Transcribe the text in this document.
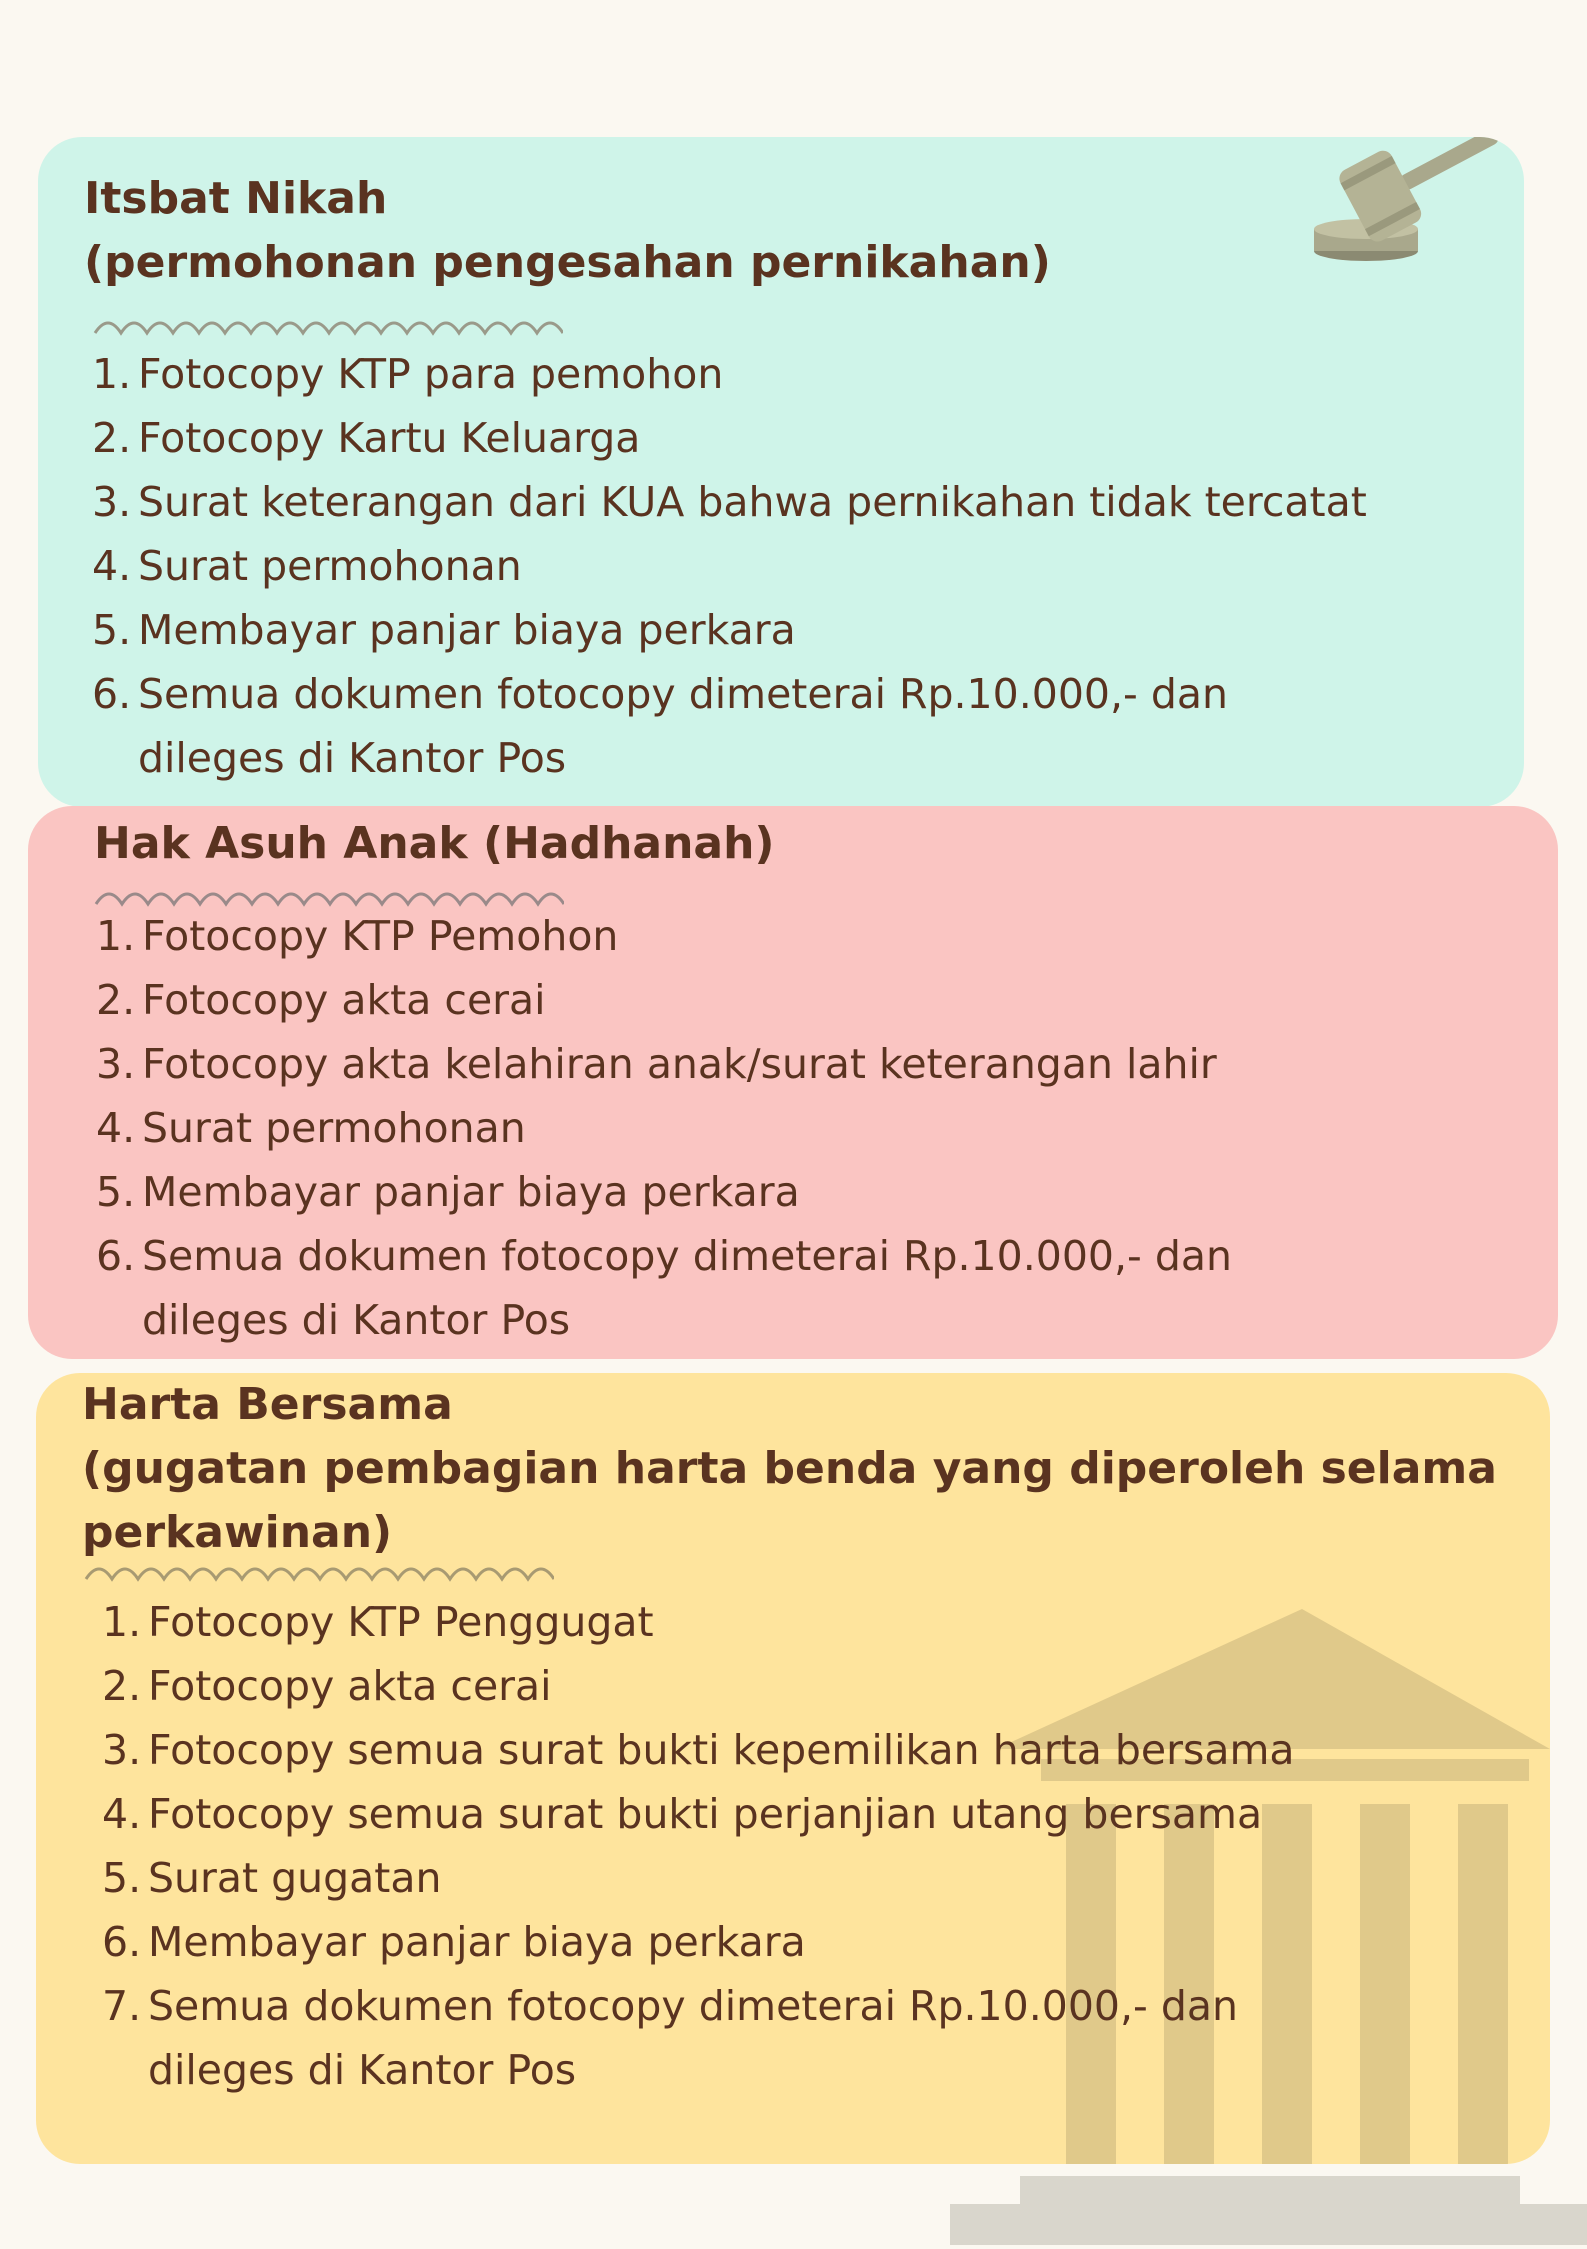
Itsbat Nikah
(permohonan pengesahan pernikahan)
1. Fotocopy KTP para pemohon
2. Fotocopy Kartu Keluarga
3. Surat keterangan dari KUA bahwa pernikahan tidak tercatat
4. Surat permohonan
5. Membayar panjar biaya perkara
6. Semua dokumen fotocopy dimeterai Rp.10.000,- dan dileges di Kantor Pos
Hak Asuh Anak (Hadhanah)
1. Fotocopy KTP Pemohon
2. Fotocopy akta cerai
3. Fotocopy akta kelahiran anak/surat keterangan lahir
4. Surat permohonan
5. Membayar panjar biaya perkara
6. Semua dokumen fotocopy dimeterai Rp.10.000,- dan dileges di Kantor Pos
Harta Bersama
(gugatan pembagian harta benda yang diperoleh selama
perkawinan)
1. Fotocopy KTP Penggugat
2. Fotocopy akta cerai
3. Fotocopy semua surat bukti kepemilikan harta bersama
4. Fotocopy semua surat bukti perjanjian utang bersama
5. Surat gugatan
6. Membayar panjar biaya perkara
7. Semua dokumen fotocopy dimeterai Rp.10.000,- dan dileges di Kantor Pos
